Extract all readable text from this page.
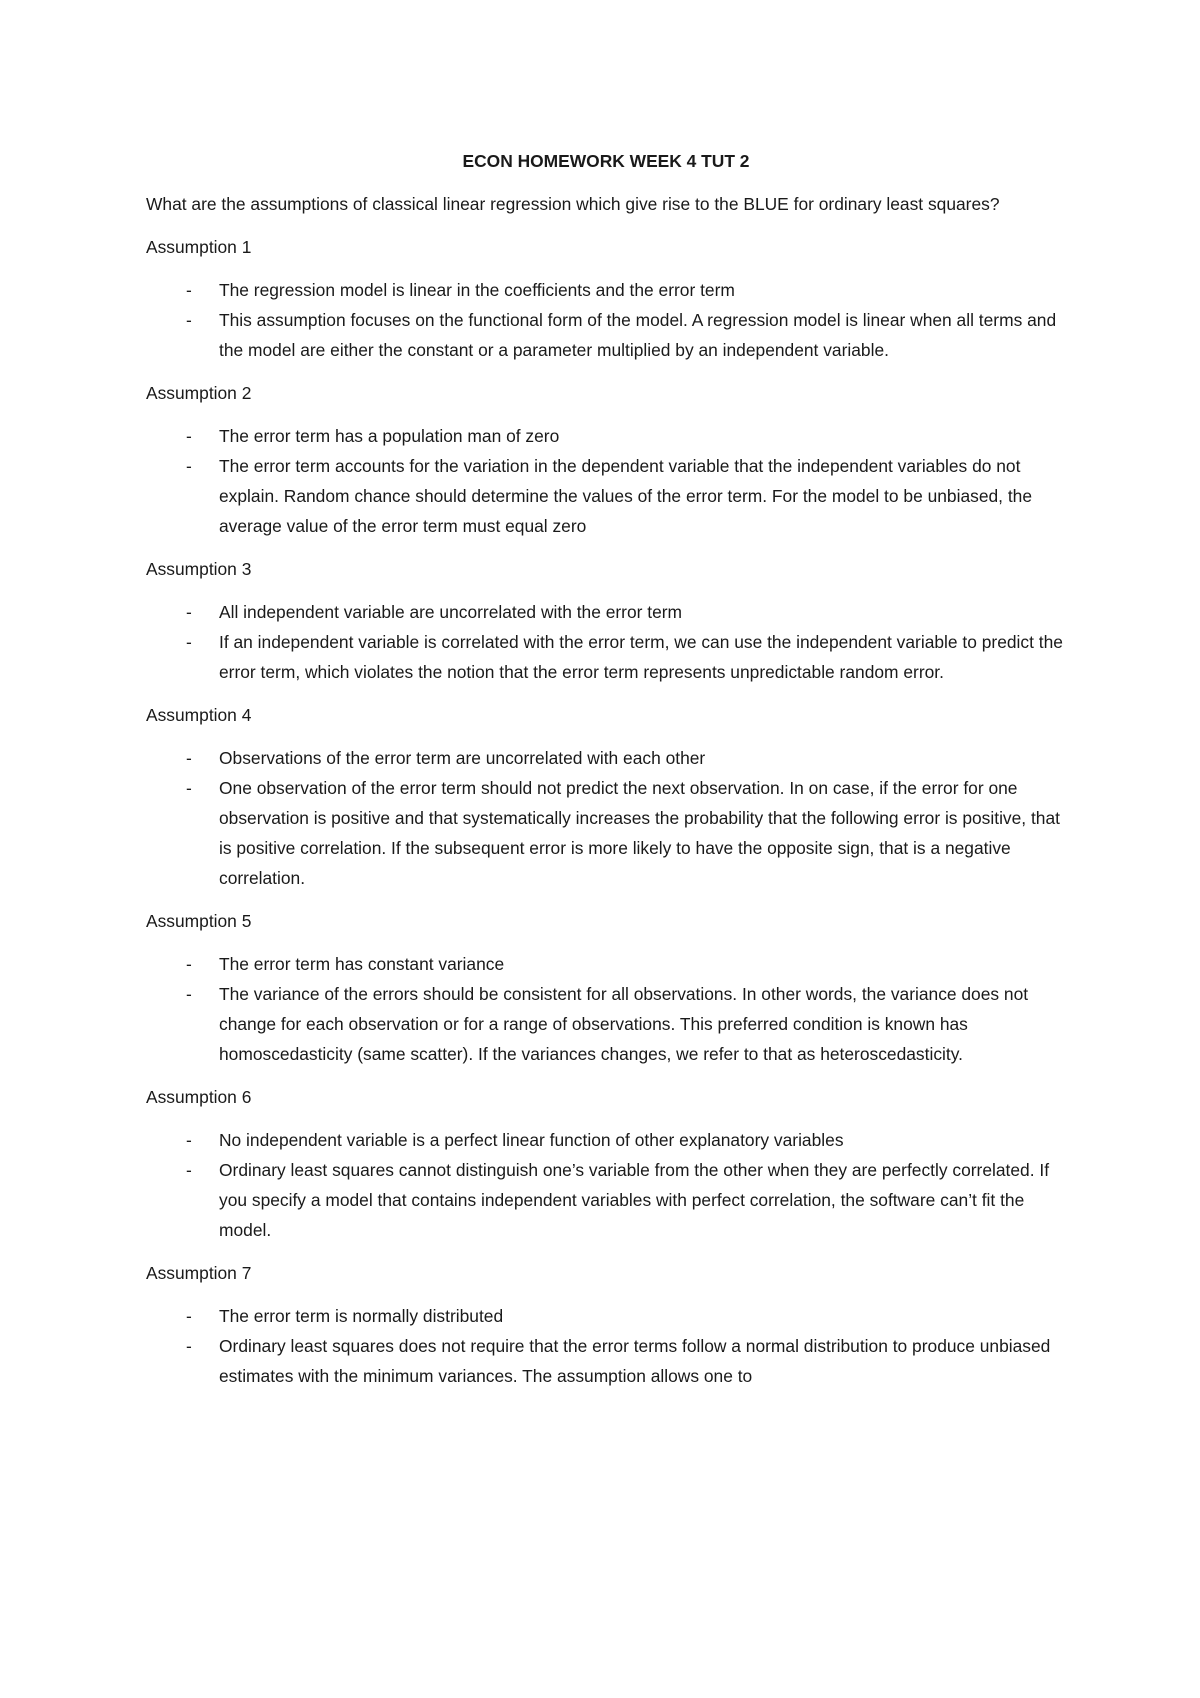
ECON HOMEWORK WEEK 4 TUT 2

What are the assumptions of classical linear regression which give rise to the BLUE for ordinary least squares?

Assumption 1

- The regression model is linear in the coefficients and the error term
- This assumption focuses on the functional form of the model. A regression model is linear when all terms and the model are either the constant or a parameter multiplied by an independent variable.

Assumption 2

- The error term has a population man of zero
- The error term accounts for the variation in the dependent variable that the independent variables do not explain. Random chance should determine the values of the error term. For the model to be unbiased, the average value of the error term must equal zero

Assumption 3

- All independent variable are uncorrelated with the error term
- If an independent variable is correlated with the error term, we can use the independent variable to predict the error term, which violates the notion that the error term represents unpredictable random error.

Assumption 4

- Observations of the error term are uncorrelated with each other
- One observation of the error term should not predict the next observation. In on case, if the error for one observation is positive and that systematically increases the probability that the following error is positive, that is positive correlation. If the subsequent error is more likely to have the opposite sign, that is a negative correlation.

Assumption 5

- The error term has constant variance
- The variance of the errors should be consistent for all observations. In other words, the variance does not change for each observation or for a range of observations. This preferred condition is known has homoscedasticity (same scatter). If the variances changes, we refer to that as heteroscedasticity.

Assumption 6

- No independent variable is a perfect linear function of other explanatory variables
- Ordinary least squares cannot distinguish one’s variable from the other when they are perfectly correlated. If you specify a model that contains independent variables with perfect correlation, the software can’t fit the model.

Assumption 7

- The error term is normally distributed
- Ordinary least squares does not require that the error terms follow a normal distribution to produce unbiased estimates with the minimum variances. The assumption allows one to
